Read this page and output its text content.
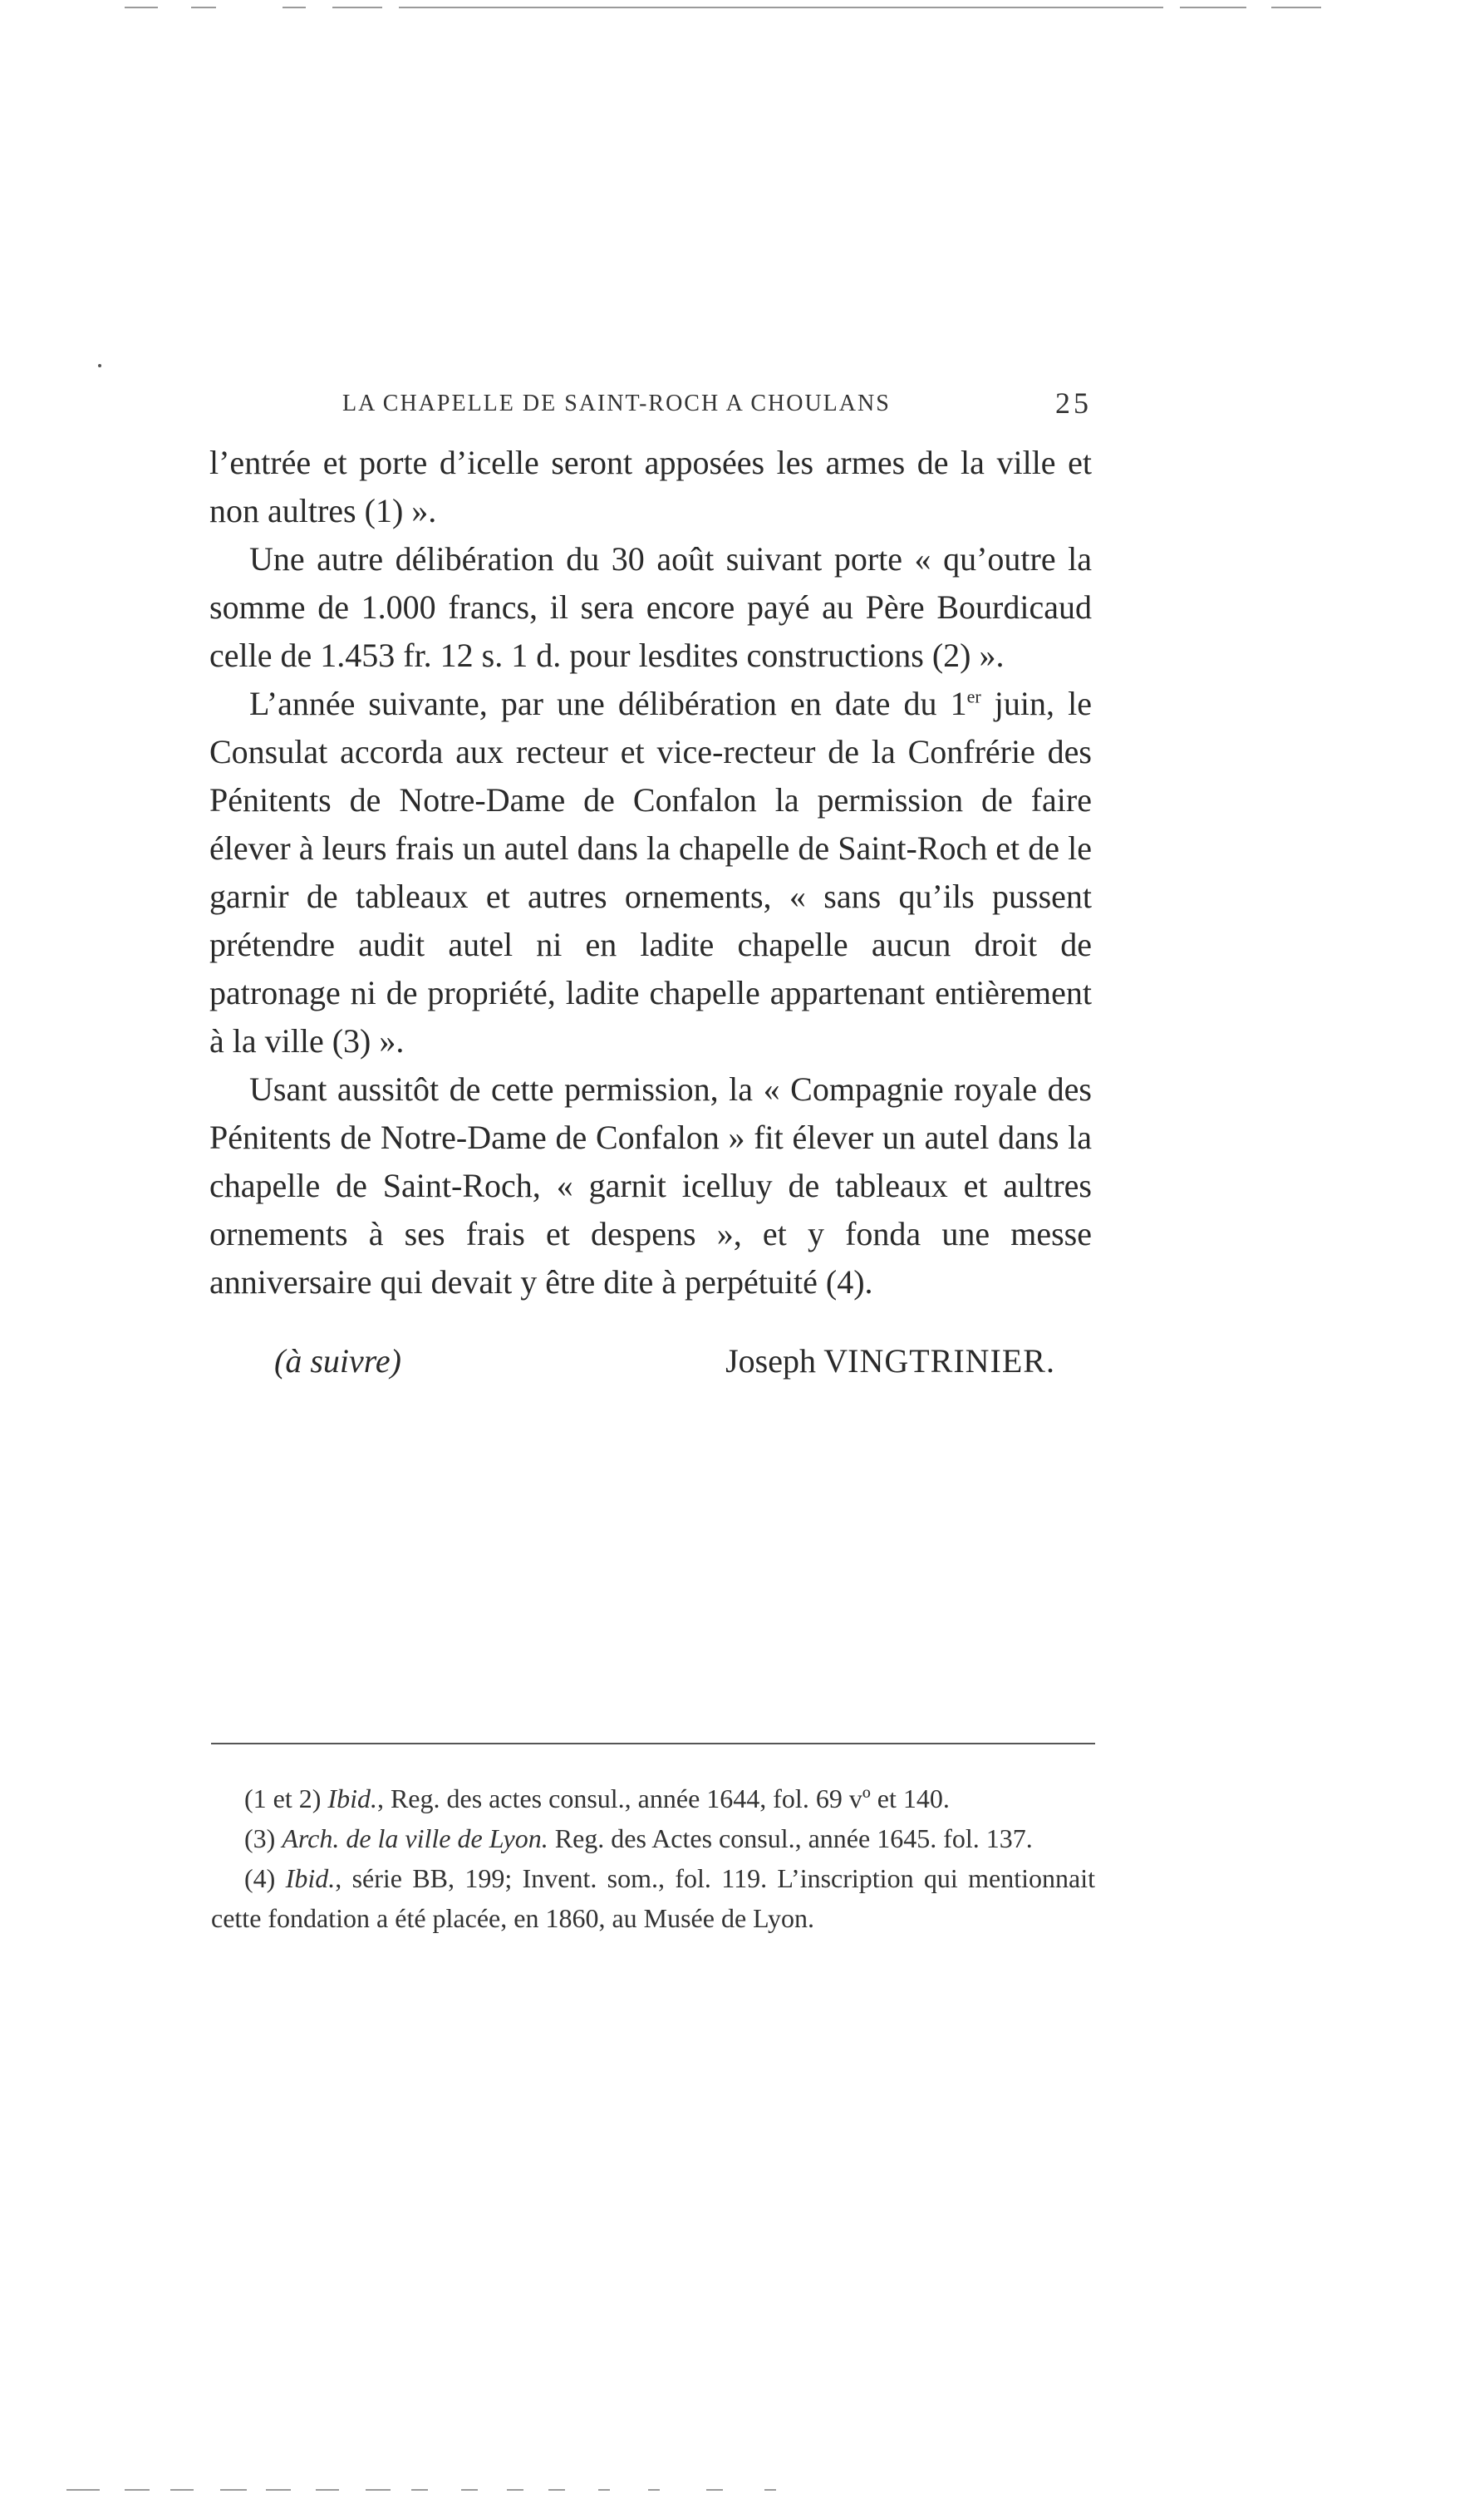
LA CHAPELLE DE SAINT-ROCH A CHOULANS	25

l’entrée et porte d’icelle seront apposées les armes de la ville et non aultres (1) ».

Une autre délibération du 30 août suivant porte « qu’outre la somme de 1.000 francs, il sera encore payé au Père Bourdicaud celle de 1.453 fr. 12 s. 1 d. pour lesdites constructions (2) ».

L’année suivante, par une délibération en date du 1er juin, le Consulat accorda aux recteur et vice-recteur de la Confrérie des Pénitents de Notre-Dame de Confalon la permission de faire élever à leurs frais un autel dans la chapelle de Saint-Roch et de le garnir de tableaux et autres ornements, « sans qu’ils pussent prétendre audit autel ni en ladite chapelle aucun droit de patronage ni de propriété, ladite chapelle appartenant entièrement à la ville (3) ».

Usant aussitôt de cette permission, la « Compagnie royale des Pénitents de Notre-Dame de Confalon » fit élever un autel dans la chapelle de Saint-Roch, « garnit icelluy de tableaux et aultres ornements à ses frais et despens », et y fonda une messe anniversaire qui devait y être dite à perpétuité (4).

(à suivre)	Joseph VINGTRINIER.

(1 et 2) Ibid., Reg. des actes consul., année 1644, fol. 69 vº et 140.

(3) Arch. de la ville de Lyon. Reg. des Actes consul., année 1645. fol. 137.

(4) Ibid., série BB, 199; Invent. som., fol. 119. L’inscription qui mentionnait cette fondation a été placée, en 1860, au Musée de Lyon.
